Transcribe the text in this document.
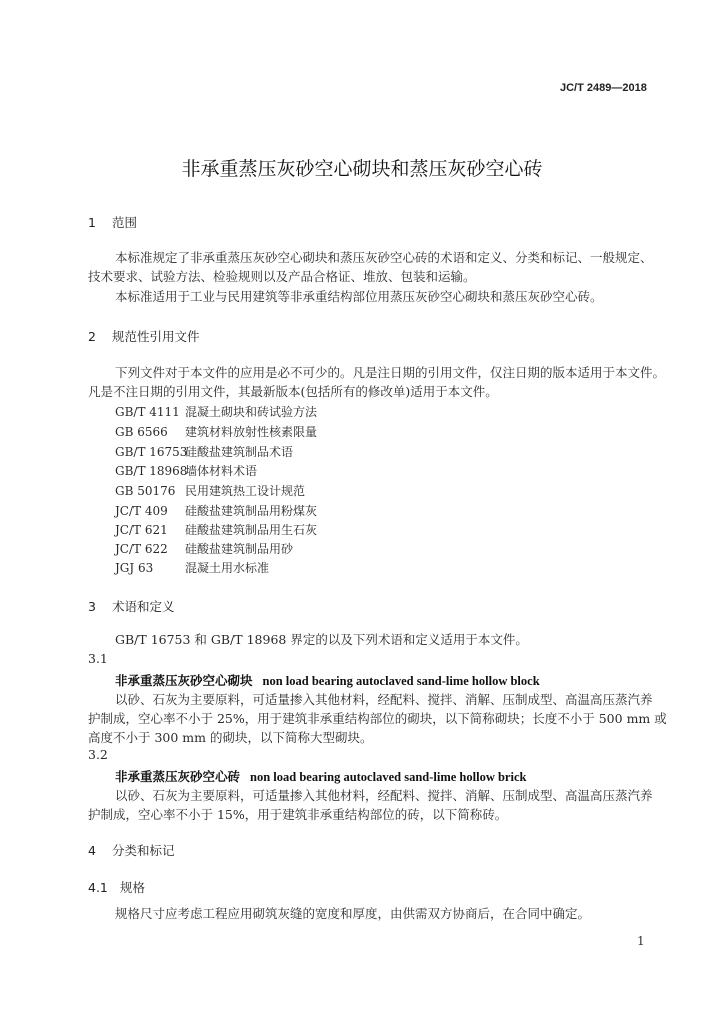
JC/T 2489—2018
非承重蒸压灰砂空心砌块和蒸压灰砂空心砖
1 范围
本标准规定了非承重蒸压灰砂空心砌块和蒸压灰砂空心砖的术语和定义、分类和标记、一般规定、
技术要求、试验方法、检验规则以及产品合格证、堆放、包装和运输。
本标准适用于工业与民用建筑等非承重结构部位用蒸压灰砂空心砌块和蒸压灰砂空心砖。
2 规范性引用文件
下列文件对于本文件的应用是必不可少的。凡是注日期的引用文件，仅注日期的版本适用于本文件。
凡是不注日期的引用文件，其最新版本(包括所有的修改单)适用于本文件。
GB/T 4111 混凝土砌块和砖试验方法
GB 6566 建筑材料放射性核素限量
GB/T 16753硅酸盐建筑制品术语
GB/T 18968墙体材料术语
GB 50176 民用建筑热工设计规范
JC/T 409 硅酸盐建筑制品用粉煤灰
JC/T 621 硅酸盐建筑制品用生石灰
JC/T 622 硅酸盐建筑制品用砂
JGJ 63	混凝土用水标准
3 术语和定义
GB/T 16753 和 GB/T 18968 界定的以及下列术语和定义适用于本文件。
3.1
非承重蒸压灰砂空心砌块 non load bearing autoclaved sand-lime hollow block
以砂、石灰为主要原料，可适量掺入其他材料，经配料、搅拌、消解、压制成型、高温高压蒸汽养
护制成，空心率不小于 25%，用于建筑非承重结构部位的砌块，以下简称砌块；长度不小于 500 mm 或
高度不小于 300 mm 的砌块，以下简称大型砌块。
3.2
非承重蒸压灰砂空心砖 non load bearing autoclaved sand-lime hollow brick
以砂、石灰为主要原料，可适量掺入其他材料，经配料、搅拌、消解、压制成型、高温高压蒸汽养
护制成，空心率不小于 15%，用于建筑非承重结构部位的砖，以下简称砖。
4 分类和标记
4.1 规格
规格尺寸应考虑工程应用砌筑灰缝的宽度和厚度，由供需双方协商后，在合同中确定。
1
